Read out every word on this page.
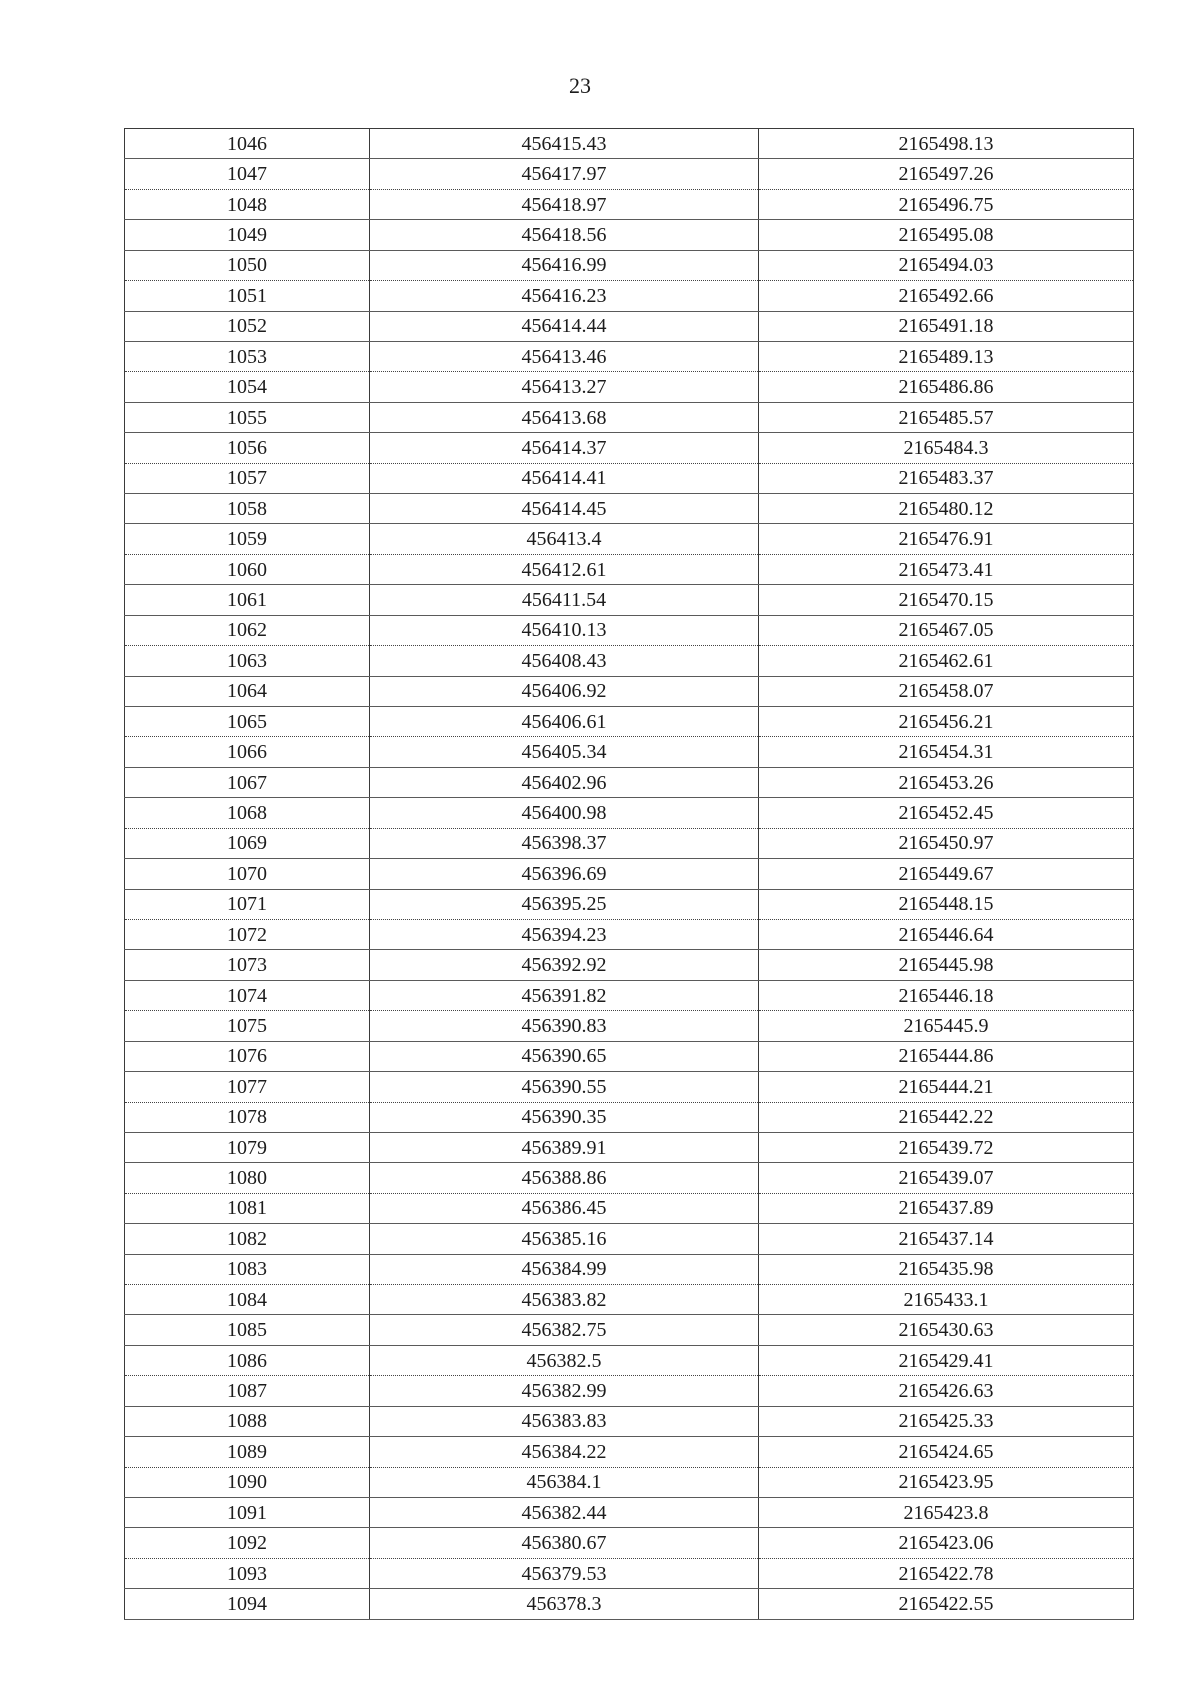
23
1046	456415.43	2165498.13
1047	456417.97	2165497.26
1048	456418.97	2165496.75
1049	456418.56	2165495.08
1050	456416.99	2165494.03
1051	456416.23	2165492.66
1052	456414.44	2165491.18
1053	456413.46	2165489.13
1054	456413.27	2165486.86
1055	456413.68	2165485.57
1056	456414.37	2165484.3
1057	456414.41	2165483.37
1058	456414.45	2165480.12
1059	456413.4	2165476.91
1060	456412.61	2165473.41
1061	456411.54	2165470.15
1062	456410.13	2165467.05
1063	456408.43	2165462.61
1064	456406.92	2165458.07
1065	456406.61	2165456.21
1066	456405.34	2165454.31
1067	456402.96	2165453.26
1068	456400.98	2165452.45
1069	456398.37	2165450.97
1070	456396.69	2165449.67
1071	456395.25	2165448.15
1072	456394.23	2165446.64
1073	456392.92	2165445.98
1074	456391.82	2165446.18
1075	456390.83	2165445.9
1076	456390.65	2165444.86
1077	456390.55	2165444.21
1078	456390.35	2165442.22
1079	456389.91	2165439.72
1080	456388.86	2165439.07
1081	456386.45	2165437.89
1082	456385.16	2165437.14
1083	456384.99	2165435.98
1084	456383.82	2165433.1
1085	456382.75	2165430.63
1086	456382.5	2165429.41
1087	456382.99	2165426.63
1088	456383.83	2165425.33
1089	456384.22	2165424.65
1090	456384.1	2165423.95
1091	456382.44	2165423.8
1092	456380.67	2165423.06
1093	456379.53	2165422.78
1094	456378.3	2165422.55
